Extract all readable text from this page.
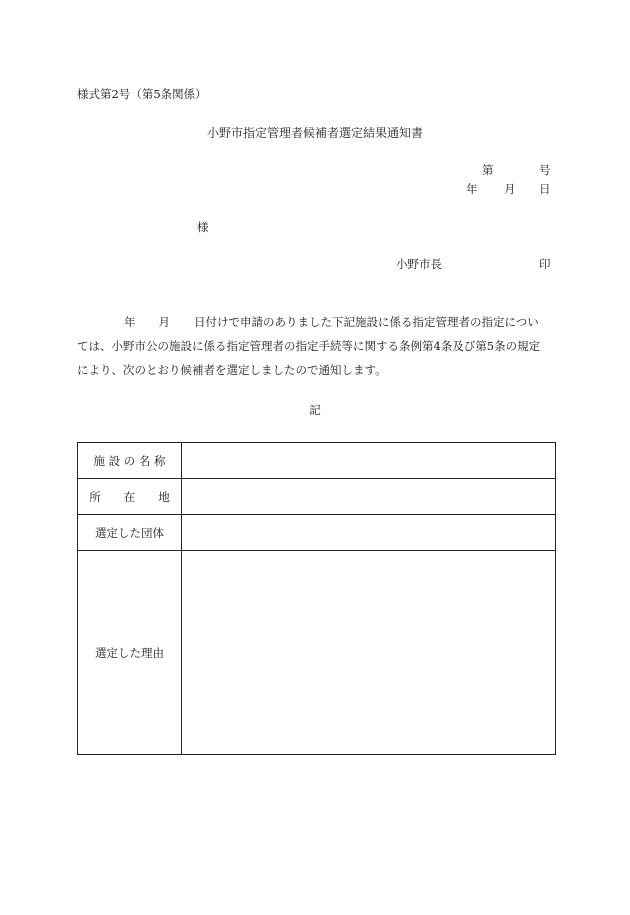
様式第2号（第5条関係）
小野市指定管理者候補者選定結果通知書
第	号
年 月 日
様
小野市長	印
年 月 日付けで申請のありました下記施設に係る指定管理者の指定につい
ては、小野市公の施設に係る指定管理者の指定手続等に関する条例第4条及び第5条の規定
により、次のとおり候補者を選定しましたので通知します。
記
施 設 の 名 称	
所　　在　　地	
選定した団体	
選定した理由	
